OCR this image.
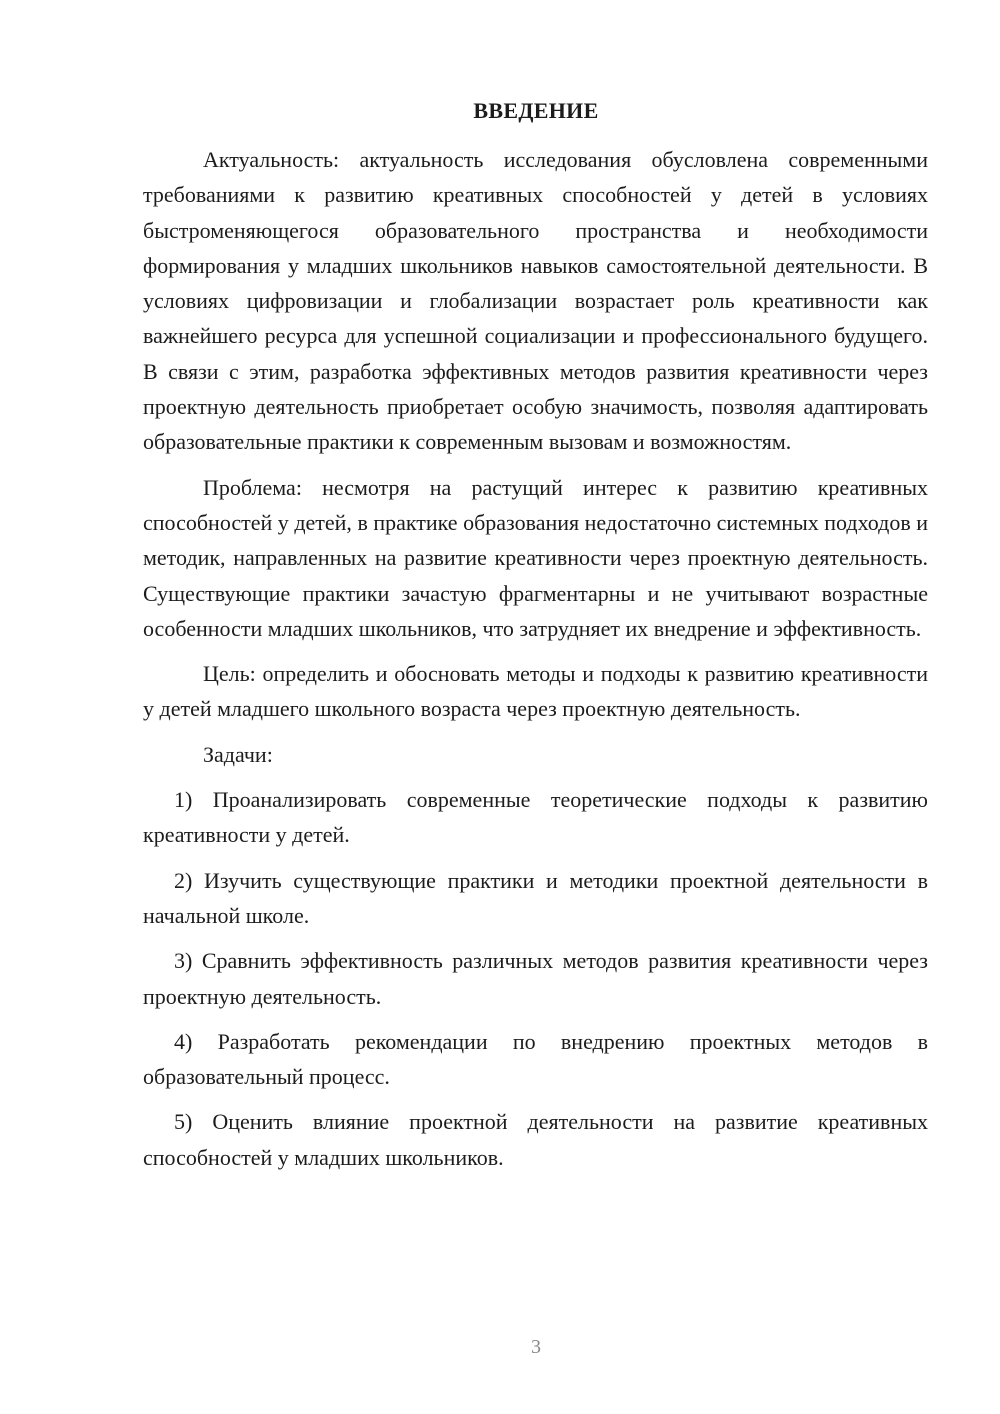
ВВЕДЕНИЕ

Актуальность: актуальность исследования обусловлена современными требованиями к развитию креативных способностей у детей в условиях быстроменяющегося образовательного пространства и необходимости формирования у младших школьников навыков самостоятельной деятельности. В условиях цифровизации и глобализации возрастает роль креативности как важнейшего ресурса для успешной социализации и профессионального будущего. В связи с этим, разработка эффективных методов развития креативности через проектную деятельность приобретает особую значимость, позволяя адаптировать образовательные практики к современным вызовам и возможностям.

Проблема: несмотря на растущий интерес к развитию креативных способностей у детей, в практике образования недостаточно системных подходов и методик, направленных на развитие креативности через проектную деятельность. Существующие практики зачастую фрагментарны и не учитывают возрастные особенности младших школьников, что затрудняет их внедрение и эффективность.

Цель: определить и обосновать методы и подходы к развитию креативности у детей младшего школьного возраста через проектную деятельность.

Задачи:

1) Проанализировать современные теоретические подходы к развитию креативности у детей.

2) Изучить существующие практики и методики проектной деятельности в начальной школе.

3) Сравнить эффективность различных методов развития креативности через проектную деятельность.

4) Разработать рекомендации по внедрению проектных методов в образовательный процесс.

5) Оценить влияние проектной деятельности на развитие креативных способностей у младших школьников.

3
